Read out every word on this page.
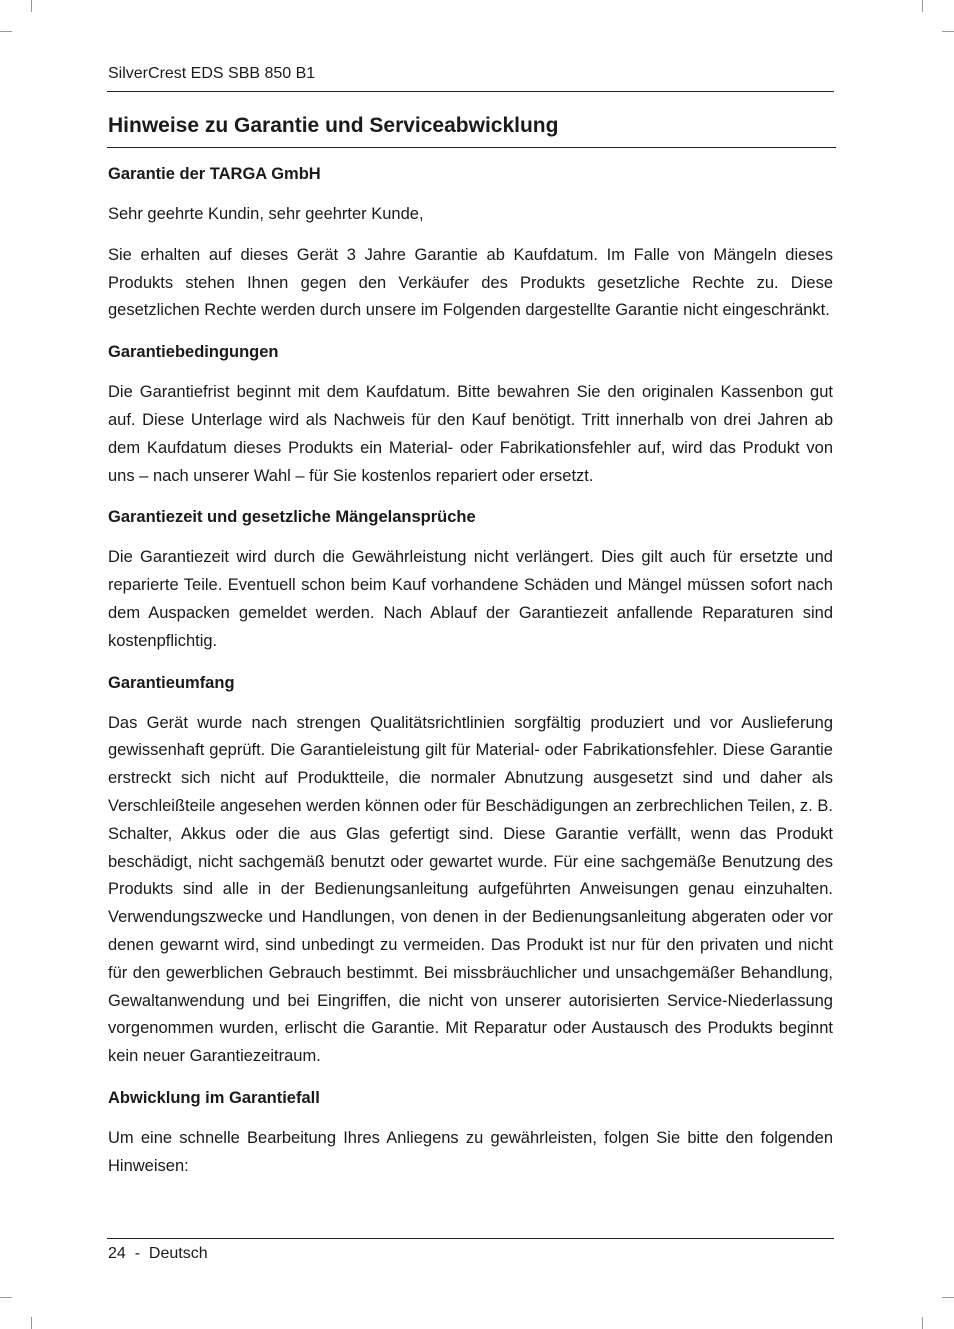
SilverCrest EDS SBB 850 B1
Hinweise zu Garantie und Serviceabwicklung
Garantie der TARGA GmbH

Sehr geehrte Kundin, sehr geehrter Kunde,

Sie erhalten auf dieses Gerät 3 Jahre Garantie ab Kaufdatum. Im Falle von Mängeln dieses Produkts stehen Ihnen gegen den Verkäufer des Produkts gesetzliche Rechte zu. Diese gesetzlichen Rechte werden durch unsere im Folgenden dargestellte Garantie nicht eingeschränkt.

Garantiebedingungen

Die Garantiefrist beginnt mit dem Kaufdatum. Bitte bewahren Sie den originalen Kassenbon gut auf. Diese Unterlage wird als Nachweis für den Kauf benötigt. Tritt innerhalb von drei Jahren ab dem Kaufdatum dieses Produkts ein Material- oder Fabrikationsfehler auf, wird das Produkt von uns – nach unserer Wahl – für Sie kostenlos repariert oder ersetzt.

Garantiezeit und gesetzliche Mängelansprüche

Die Garantiezeit wird durch die Gewährleistung nicht verlängert. Dies gilt auch für ersetzte und reparierte Teile. Eventuell schon beim Kauf vorhandene Schäden und Mängel müssen sofort nach dem Auspacken gemeldet werden. Nach Ablauf der Garantiezeit anfallende Reparaturen sind kostenpflichtig.

Garantieumfang

Das Gerät wurde nach strengen Qualitätsrichtlinien sorgfältig produziert und vor Auslieferung gewissenhaft geprüft. Die Garantieleistung gilt für Material- oder Fabrikationsfehler. Diese Garantie erstreckt sich nicht auf Produktteile, die normaler Abnutzung ausgesetzt sind und daher als Verschleißteile angesehen werden können oder für Beschädigungen an zerbrechlichen Teilen, z. B. Schalter, Akkus oder die aus Glas gefertigt sind. Diese Garantie verfällt, wenn das Produkt beschädigt, nicht sachgemäß benutzt oder gewartet wurde. Für eine sachgemäße Benutzung des Produkts sind alle in der Bedienungsanleitung aufgeführten Anweisungen genau einzuhalten. Verwendungszwecke und Handlungen, von denen in der Bedienungsanleitung abgeraten oder vor denen gewarnt wird, sind unbedingt zu vermeiden. Das Produkt ist nur für den privaten und nicht für den gewerblichen Gebrauch bestimmt. Bei missbräuchlicher und unsachgemäßer Behandlung, Gewaltanwendung und bei Eingriffen, die nicht von unserer autorisierten Service-Niederlassung vorgenommen wurden, erlischt die Garantie. Mit Reparatur oder Austausch des Produkts beginnt kein neuer Garantiezeitraum.

Abwicklung im Garantiefall

Um eine schnelle Bearbeitung Ihres Anliegens zu gewährleisten, folgen Sie bitte den folgenden Hinweisen:

24 - Deutsch
